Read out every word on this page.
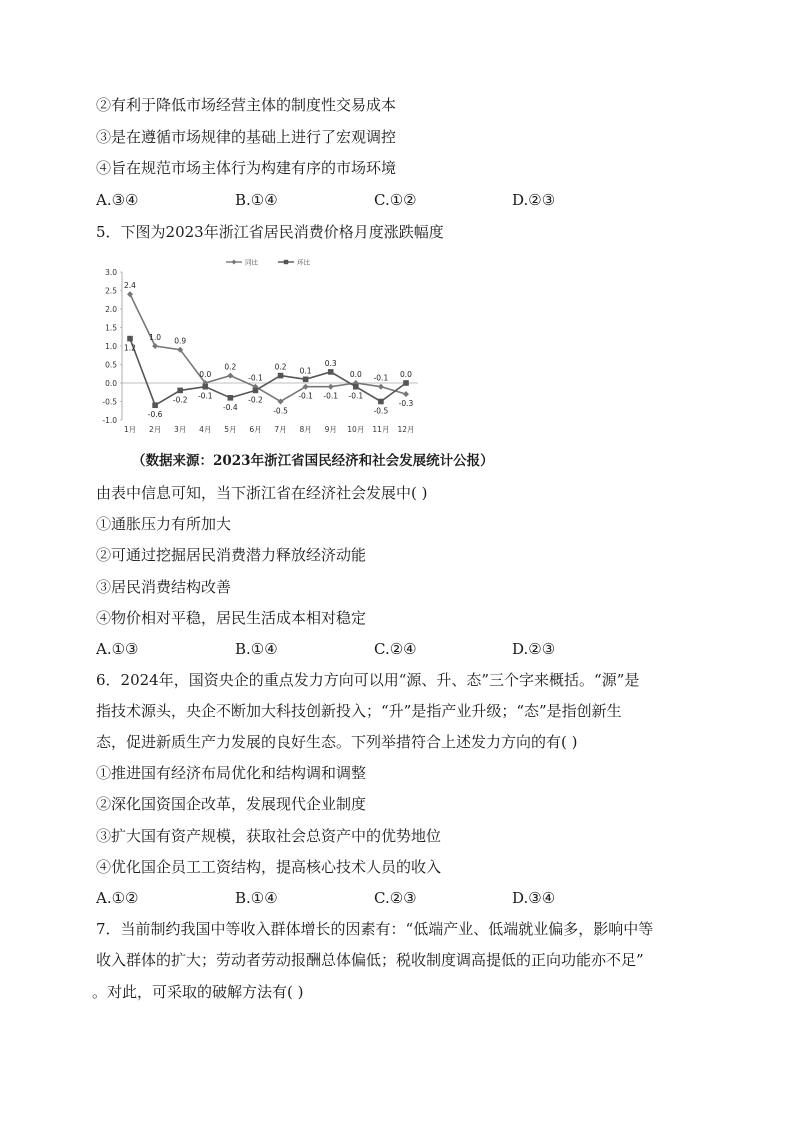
②有利于降低市场经营主体的制度性交易成本
③是在遵循市场规律的基础上进行了宏观调控
④旨在规范市场主体行为构建有序的市场环境
A.③④	B.①④	C.①②	D.②③
5．下图为2023年浙江省居民消费价格月度涨跌幅度
同比	环比
3.0
2.5
2.0
1.5
1.0
0.5
0.0
-0.5
-1.0
1月 2月 3月 4月 5月 6月 7月 8月 9月 10月 11月 12月
2.4
1.0 0.9
0.0
0.2
-0.1
-0.5
-0.1 -0.1
0.0 -0.1
-0.3
1.2
-0.6
-0.2 -0.1
-0.4
-0.2
0.2 0.1
0.3
-0.1
-0.5
0.0
（数据来源：2023年浙江省国民经济和社会发展统计公报）
由表中信息可知，当下浙江省在经济社会发展中( )
①通胀压力有所加大
②可通过挖掘居民消费潜力释放经济动能
③居民消费结构改善
④物价相对平稳，居民生活成本相对稳定
A.①③	B.①④	C.②④	D.②③
6．2024年，国资央企的重点发力方向可以用“源、升、态”三个字来概括。“源”是
指技术源头，央企不断加大科技创新投入；“升”是指产业升级；“态”是指创新生
态，促进新质生产力发展的良好生态。下列举措符合上述发力方向的有( )
①推进国有经济布局优化和结构调和调整
②深化国资国企改革，发展现代企业制度
③扩大国有资产规模，获取社会总资产中的优势地位
④优化国企员工工资结构，提高核心技术人员的收入
A.①②	B.①④	C.②③	D.③④
7．当前制约我国中等收入群体增长的因素有：“低端产业、低端就业偏多，影响中等
收入群体的扩大；劳动者劳动报酬总体偏低；税收制度调高提低的正向功能亦不足”
。对此，可采取的破解方法有( )
